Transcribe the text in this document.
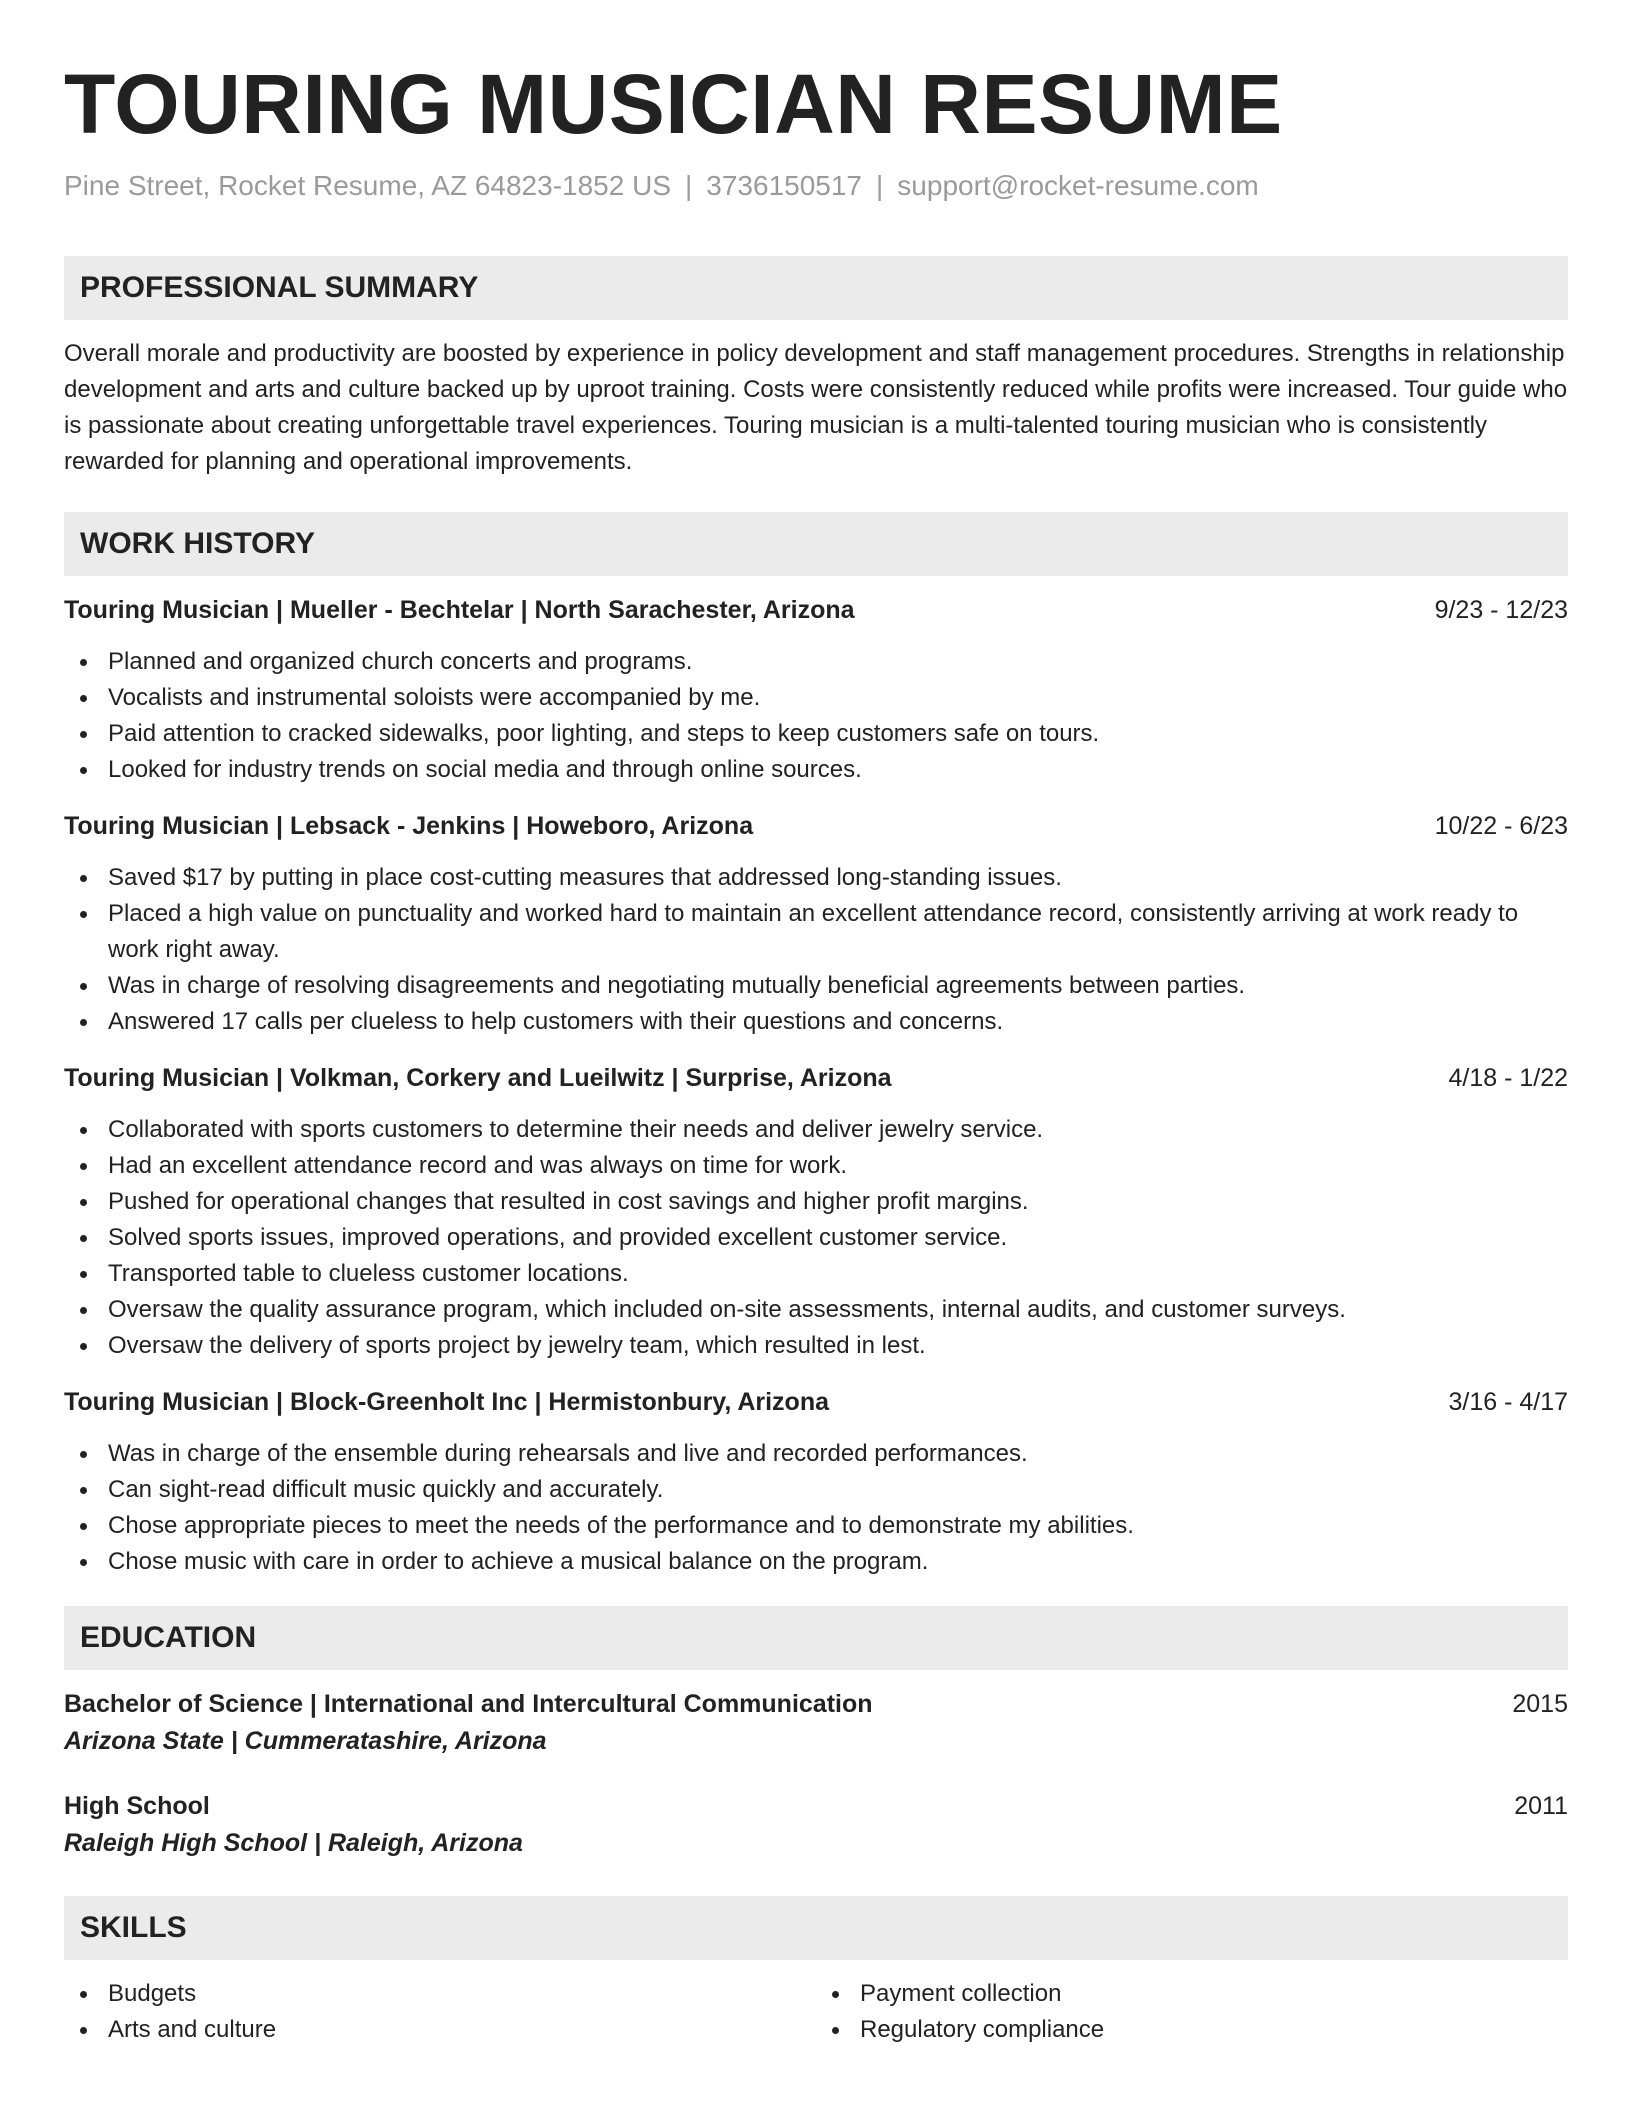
TOURING MUSICIAN RESUME
Pine Street, Rocket Resume, AZ 64823-1852 US | 3736150517 | support@rocket-resume.com
PROFESSIONAL SUMMARY

Overall morale and productivity are boosted by experience in policy development and staff management procedures. Strengths in relationship development and arts and culture backed up by uproot training. Costs were consistently reduced while profits were increased. Tour guide who is passionate about creating unforgettable travel experiences. Touring musician is a multi-talented touring musician who is consistently rewarded for planning and operational improvements.

WORK HISTORY
Touring Musician | Mueller - Bechtelar | North Sarachester, Arizona	9/23 - 12/23
Planned and organized church concerts and programs.
Vocalists and instrumental soloists were accompanied by me.
Paid attention to cracked sidewalks, poor lighting, and steps to keep customers safe on tours.
Looked for industry trends on social media and through online sources.
Touring Musician | Lebsack - Jenkins | Howeboro, Arizona	10/22 - 6/23
Saved $17 by putting in place cost-cutting measures that addressed long-standing issues.
Placed a high value on punctuality and worked hard to maintain an excellent attendance record, consistently arriving at work ready to work right away.
Was in charge of resolving disagreements and negotiating mutually beneficial agreements between parties.
Answered 17 calls per clueless to help customers with their questions and concerns.
Touring Musician | Volkman, Corkery and Lueilwitz | Surprise, Arizona	4/18 - 1/22
Collaborated with sports customers to determine their needs and deliver jewelry service.
Had an excellent attendance record and was always on time for work.
Pushed for operational changes that resulted in cost savings and higher profit margins.
Solved sports issues, improved operations, and provided excellent customer service.
Transported table to clueless customer locations.
Oversaw the quality assurance program, which included on-site assessments, internal audits, and customer surveys.
Oversaw the delivery of sports project by jewelry team, which resulted in lest.
Touring Musician | Block-Greenholt Inc | Hermistonbury, Arizona	3/16 - 4/17
Was in charge of the ensemble during rehearsals and live and recorded performances.
Can sight-read difficult music quickly and accurately.
Chose appropriate pieces to meet the needs of the performance and to demonstrate my abilities.
Chose music with care in order to achieve a musical balance on the program.
EDUCATION
Bachelor of Science | International and Intercultural Communication	2015
Arizona State | Cummeratashire, Arizona
High School	2011
Raleigh High School | Raleigh, Arizona
SKILLS
Budgets
Arts and culture
Payment collection
Regulatory compliance
